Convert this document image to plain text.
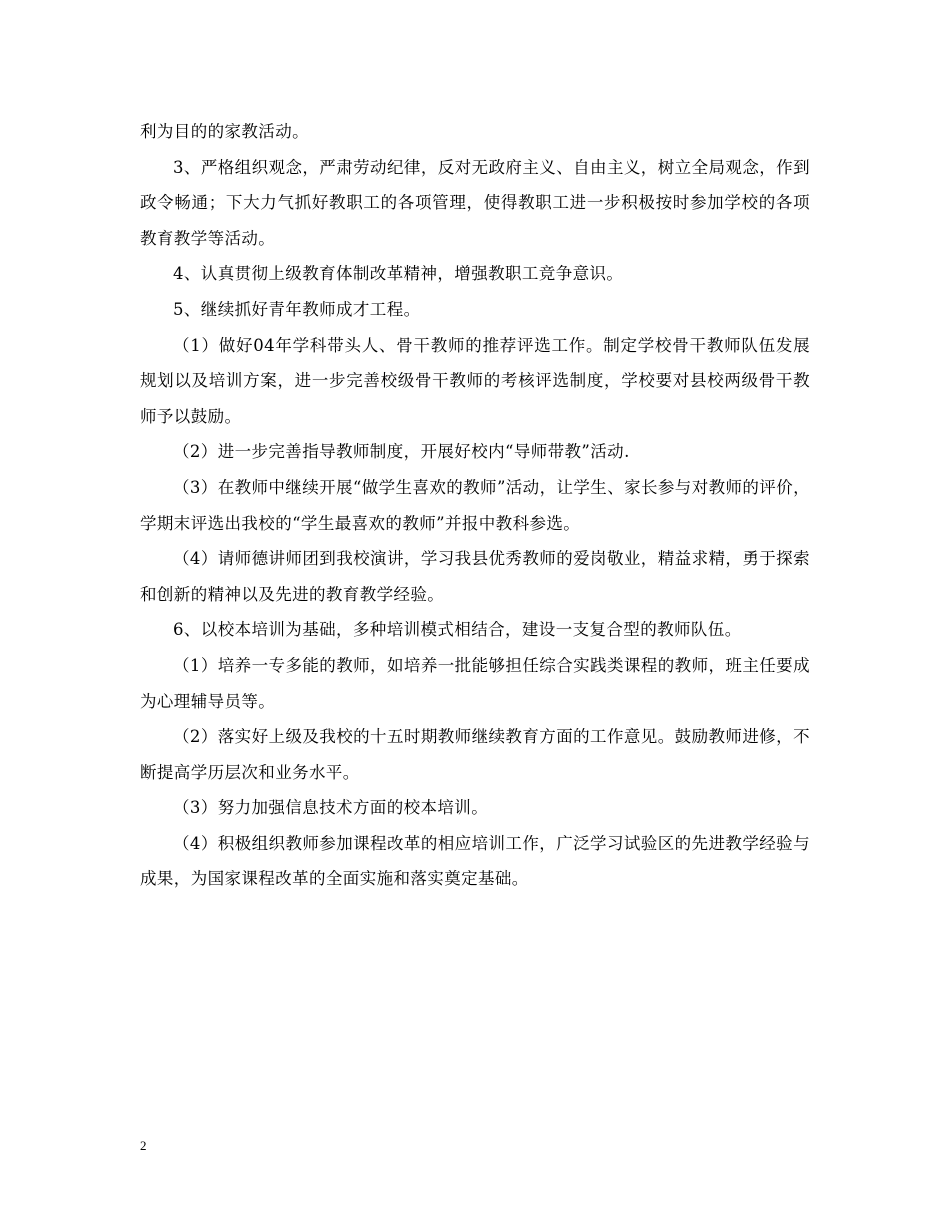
利为目的的家教活动。

3、严格组织观念，严肃劳动纪律，反对无政府主义、自由主义，树立全局观念，作到政令畅通；下大力气抓好教职工的各项管理，使得教职工进一步积极按时参加学校的各项教育教学等活动。

4、认真贯彻上级教育体制改革精神，增强教职工竞争意识。

5、继续抓好青年教师成才工程。

（1）做好04年学科带头人、骨干教师的推荐评选工作。制定学校骨干教师队伍发展规划以及培训方案，进一步完善校级骨干教师的考核评选制度，学校要对县校两级骨干教师予以鼓励。

（2）进一步完善指导教师制度，开展好校内“导师带教”活动.

（3）在教师中继续开展“做学生喜欢的教师”活动，让学生、家长参与对教师的评价，学期末评选出我校的“学生最喜欢的教师”并报中教科参选。

（4）请师德讲师团到我校演讲，学习我县优秀教师的爱岗敬业，精益求精，勇于探索和创新的精神以及先进的教育教学经验。

6、以校本培训为基础，多种培训模式相结合，建设一支复合型的教师队伍。

（1）培养一专多能的教师，如培养一批能够担任综合实践类课程的教师，班主任要成为心理辅导员等。

（2）落实好上级及我校的十五时期教师继续教育方面的工作意见。鼓励教师进修，不断提高学历层次和业务水平。

（3）努力加强信息技术方面的校本培训。

（4）积极组织教师参加课程改革的相应培训工作，广泛学习试验区的先进教学经验与成果，为国家课程改革的全面实施和落实奠定基础。

2
